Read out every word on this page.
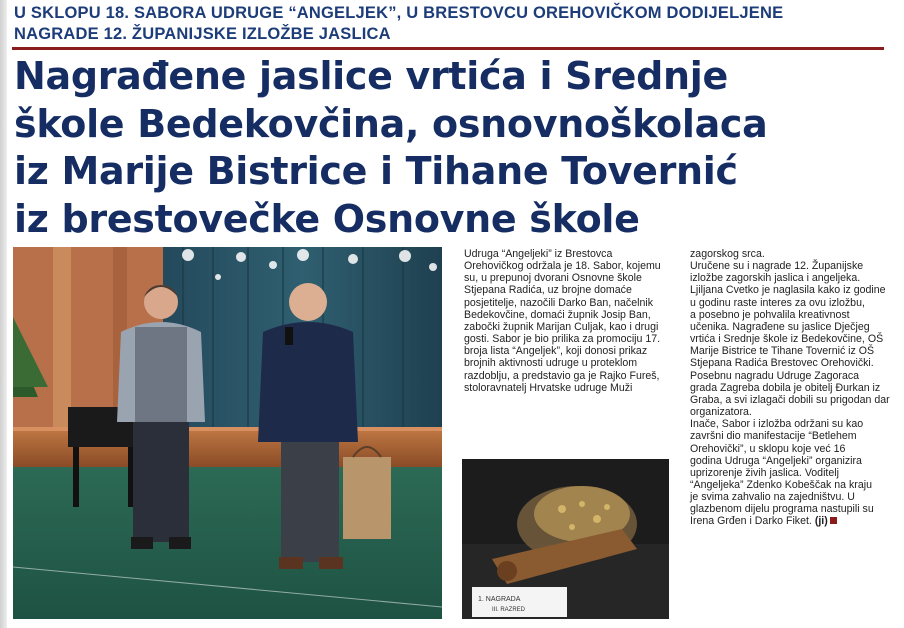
U SKLOPU 18. SABORA UDRUGE “ANGELJEK”, U BRESTOVCU OREHOVIČKOM DODIJELJENE
NAGRADE 12. ŽUPANIJSKE IZLOŽBE JASLICA
Nagrađene jaslice vrtića i Srednje
škole Bedekovčina, osnovnoškolaca
iz Marije Bistrice i Tihane Tovernić
iz brestovečke Osnovne škole
1. NAGRADA
III. RAZRED
Udruga “Angeljeki” iz Brestovca
Orehovičkog održala je 18. Sabor, kojemu
su, u prepunoj dvorani Osnovne škole
Stjepana Radića, uz brojne domaće
posjetitelje, nazočili Darko Ban, načelnik
Bedekovčine, domaći župnik Josip Ban,
zabočki župnik Marijan Culjak, kao i drugi
gosti. Sabor je bio prilika za promociju 17.
broja lista “Angeljek”, koji donosi prikaz
brojnih aktivnosti udruge u proteklom
razdoblju, a predstavio ga je Rajko Fureš,
stoloravnatelj Hrvatske udruge Muži
zagorskog srca.
Uručene su i nagrade 12. Županijske
izložbe zagorskih jaslica i angeljeka.
Ljiljana Cvetko je naglasila kako iz godine
u godinu raste interes za ovu izložbu,
a posebno je pohvalila kreativnost
učenika. Nagrađene su jaslice Dječjeg
vrtića i Srednje škole iz Bedekovčine, OŠ
Marije Bistrice te Tihane Tovernić iz OŠ
Stjepana Radića Brestovec Orehovički.
Posebnu nagradu Udruge Zagoraca
grada Zagreba dobila je obitelj Đurkan iz
Graba, a svi izlagači dobili su prigodan dar
organizatora.
Inače, Sabor i izložba održani su kao
završni dio manifestacije “Betlehem
Orehovički”, u sklopu koje već 16
godina Udruga “Angeljeki” organizira
uprizorenje živih jaslica. Voditelj
“Angeljeka” Zdenko Kobeščak na kraju
je svima zahvalio na zajedništvu. U
glazbenom dijelu programa nastupili su
Irena Grđen i Darko Fiket. (ji)
